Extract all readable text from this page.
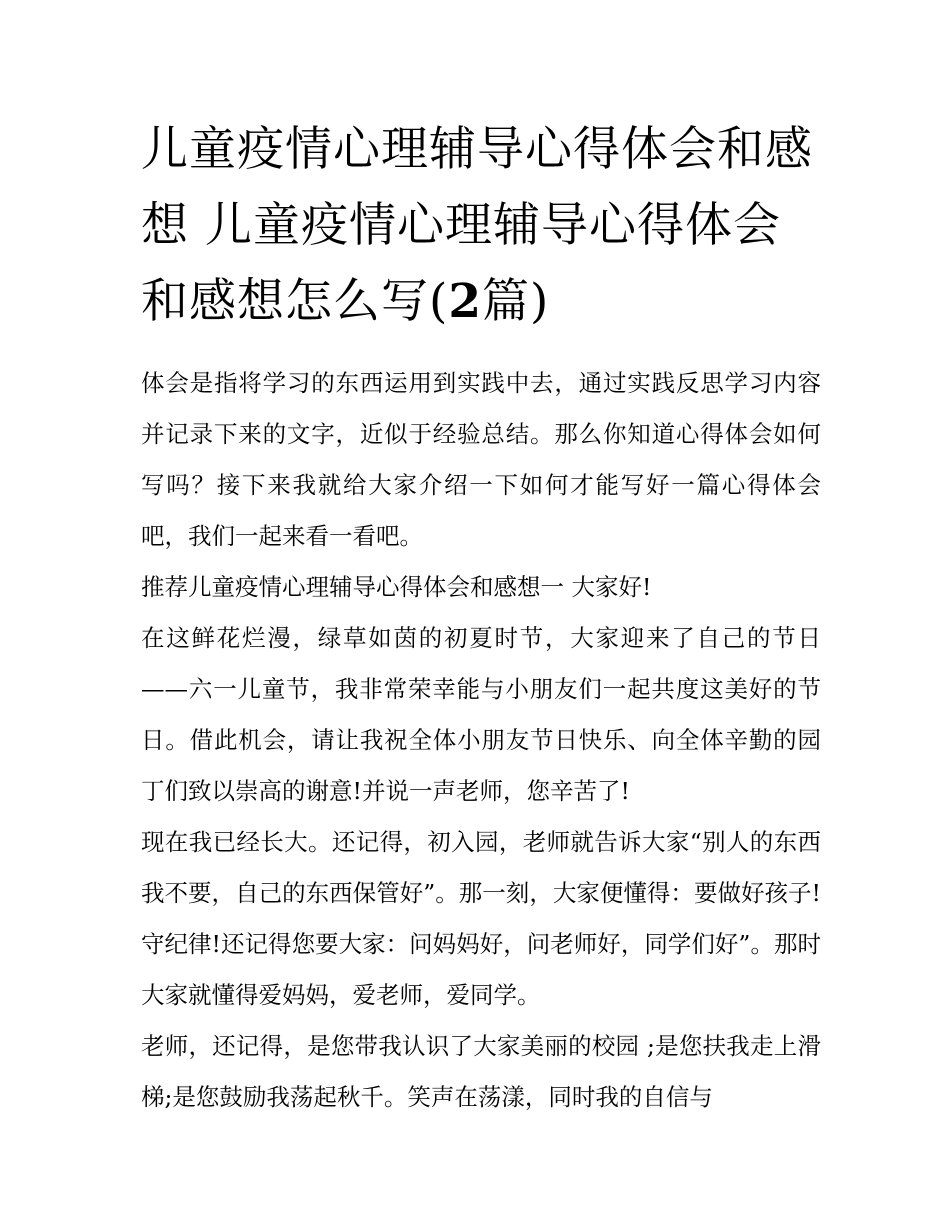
儿童疫情心理辅导心得体会和感想 儿童疫情心理辅导心得体会和感想怎么写(2篇)

体会是指将学习的东西运用到实践中去，通过实践反思学习内容并记录下来的文字，近似于经验总结。那么你知道心得体会如何写吗？接下来我就给大家介绍一下如何才能写好一篇心得体会吧，我们一起来看一看吧。

推荐儿童疫情心理辅导心得体会和感想一 大家好!

在这鲜花烂漫，绿草如茵的初夏时节，大家迎来了自己的节日——六一儿童节，我非常荣幸能与小朋友们一起共度这美好的节日。借此机会，请让我祝全体小朋友节日快乐、向全体辛勤的园丁们致以崇高的谢意!并说一声老师，您辛苦了!

现在我已经长大。还记得，初入园，老师就告诉大家“别人的东西我不要，自己的东西保管好”。那一刻，大家便懂得：要做好孩子!守纪律!还记得您要大家：问妈妈好，问老师好，同学们好”。那时大家就懂得爱妈妈，爱老师，爱同学。

老师，还记得，是您带我认识了大家美丽的校园 ;是您扶我走上滑梯;是您鼓励我荡起秋千。笑声在荡漾，同时我的自信与
